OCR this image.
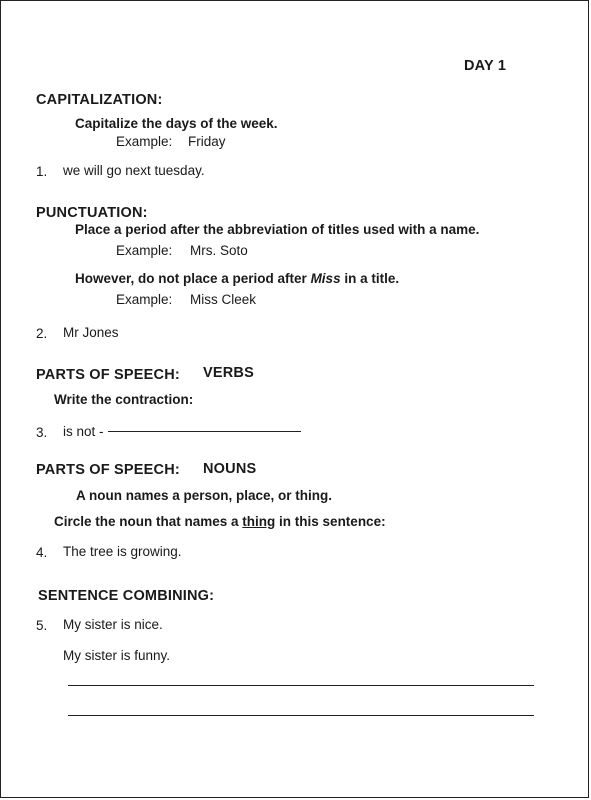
DAY 1
CAPITALIZATION:
Capitalize the days of the week.
Example: Friday
1. we will go next tuesday.
PUNCTUATION:
Place a period after the abbreviation of titles used with a name.
Example: Mrs. Soto
However, do not place a period after Miss in a title.
Example: Miss Cleek
2. Mr Jones
PARTS OF SPEECH: VERBS
Write the contraction:
3. is not -
PARTS OF SPEECH: NOUNS
A noun names a person, place, or thing.
Circle the noun that names a thing in this sentence:
4. The tree is growing.
SENTENCE COMBINING:
5. My sister is nice.
My sister is funny.
